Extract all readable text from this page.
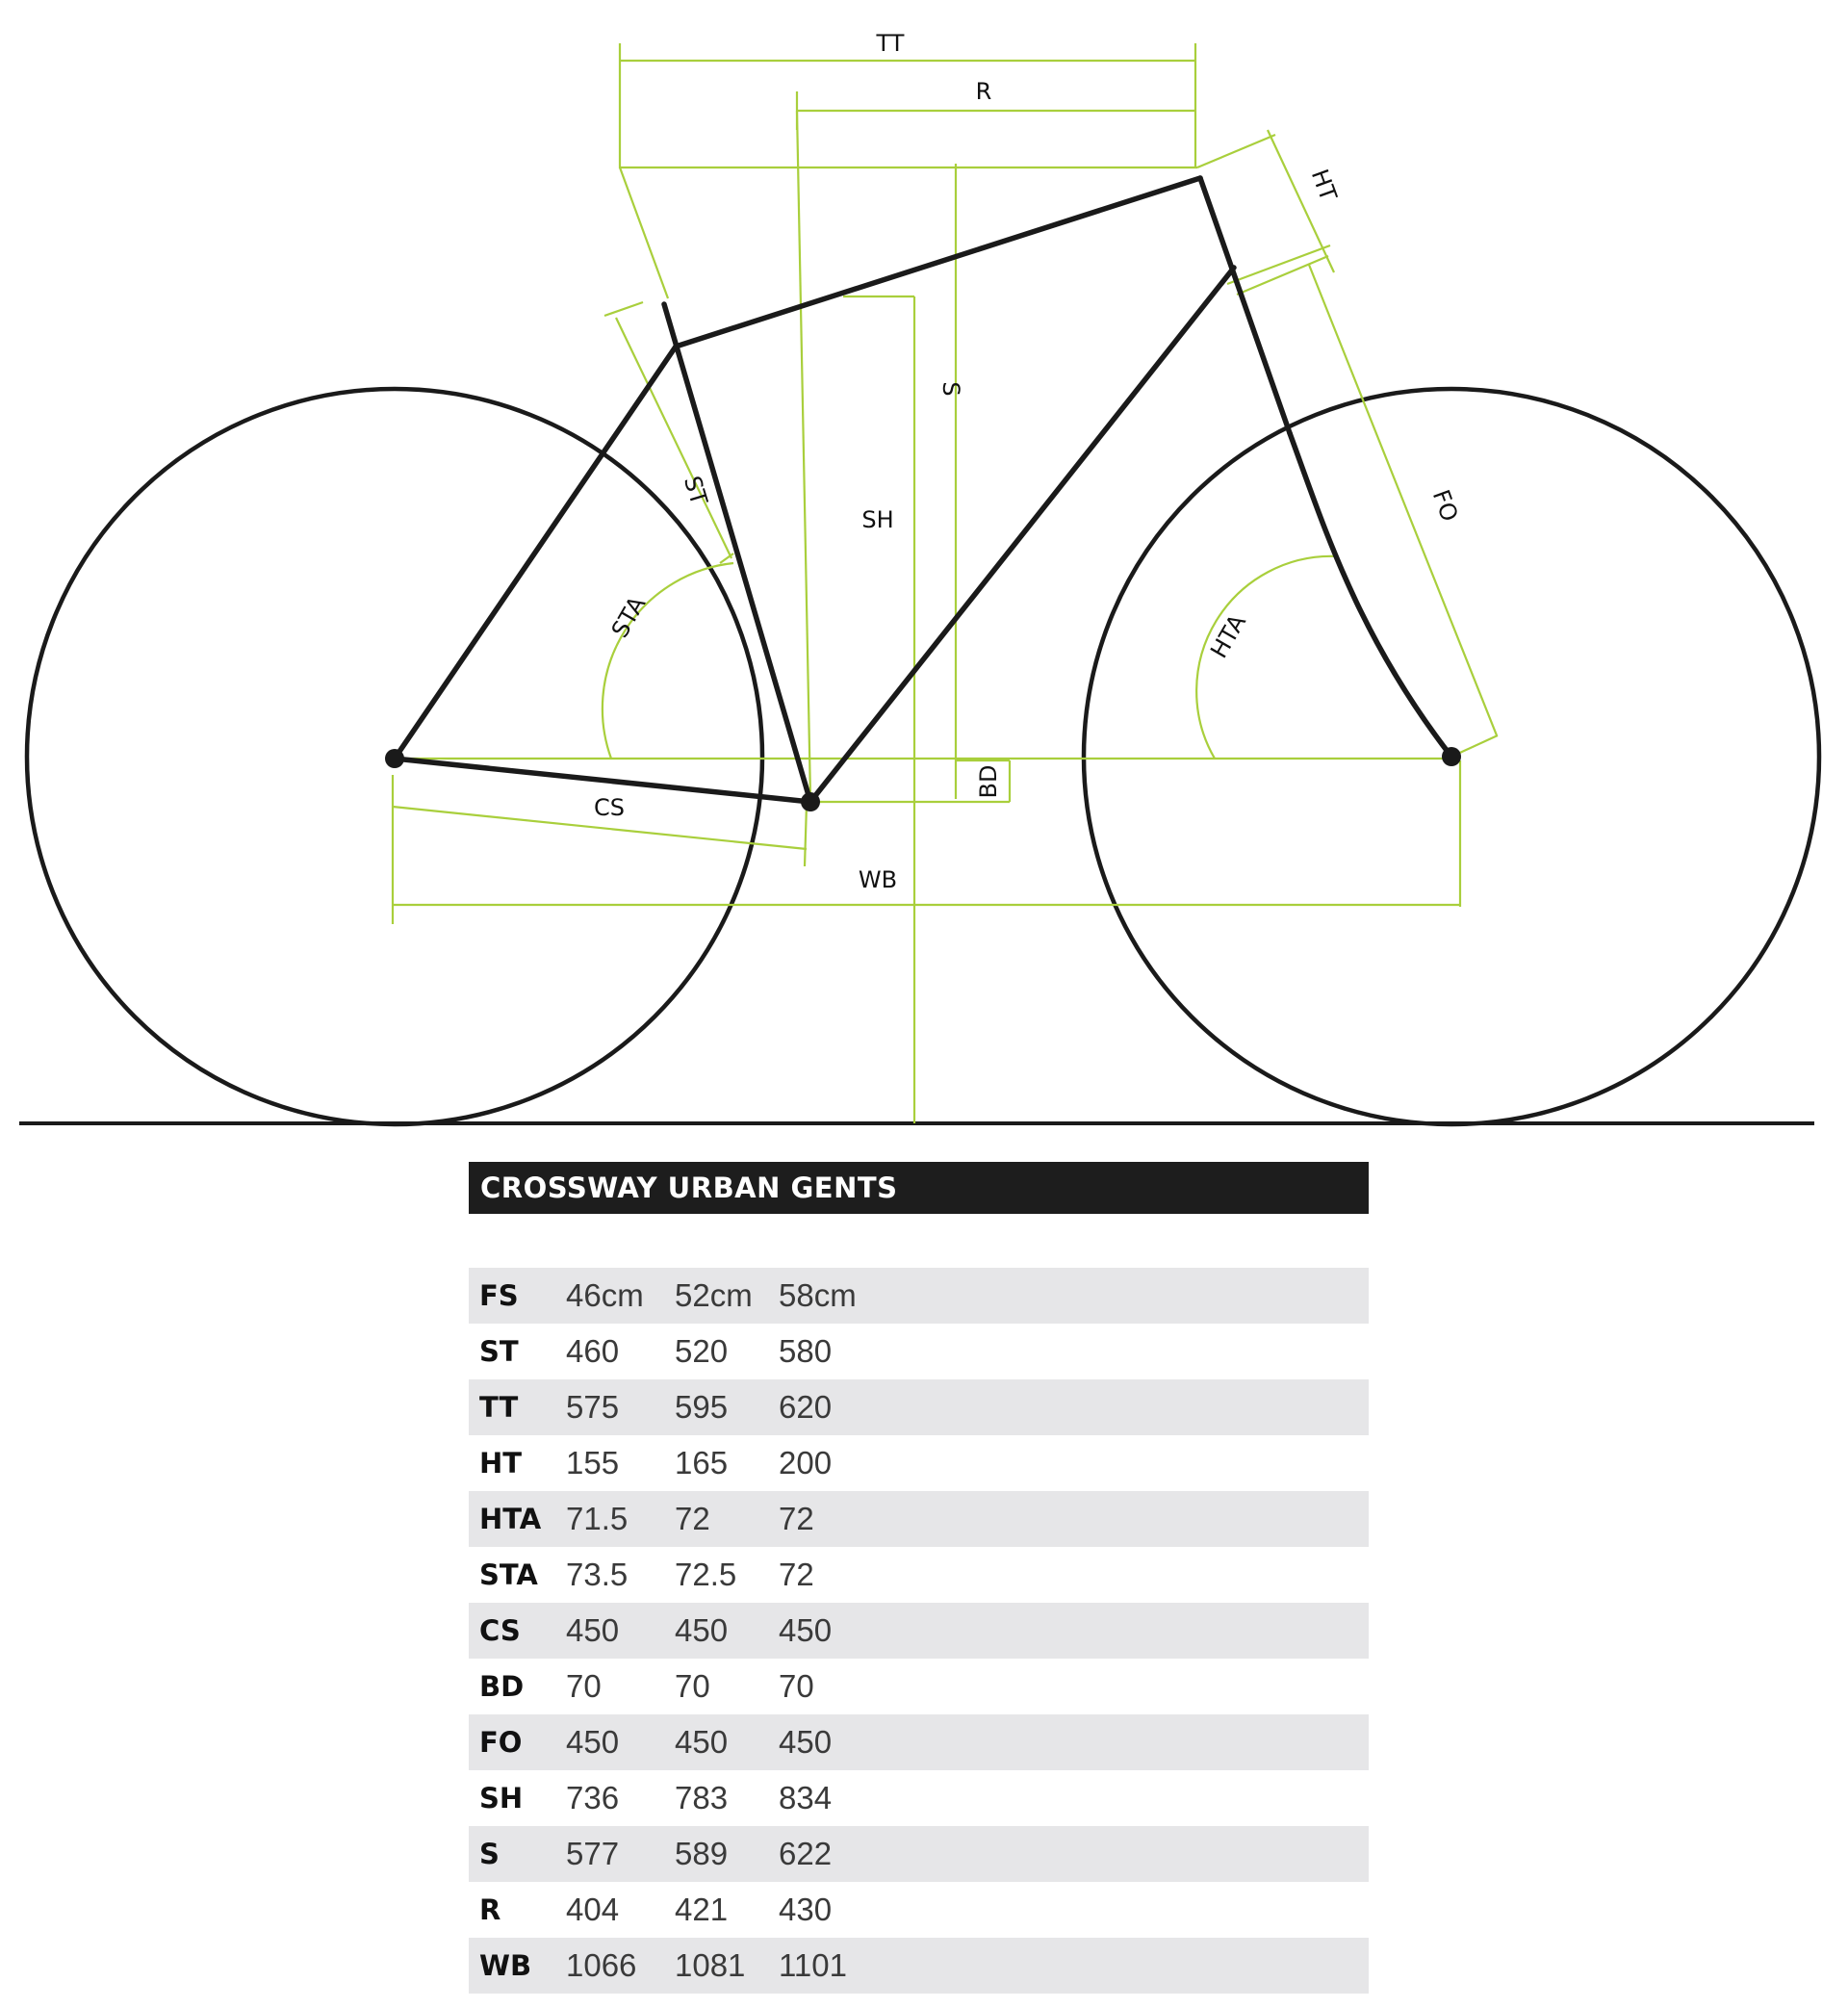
TT
R
HT
S
ST
SH	FO
STA	HTA
CS
BD
WB
CROSSWAY URBAN GENTS
FS	46cm 52cm 58cm
ST	460	520	580
TT	575	595	620
HT	155	165	200
HTA 71.5	72	72
STA 73.5	72.5	72
CS	450	450	450
BD	70	70	70
FO	450	450	450
SH	736	783	834
S	577	589	622
R	404	421	430
WB	1066	1081	1101
